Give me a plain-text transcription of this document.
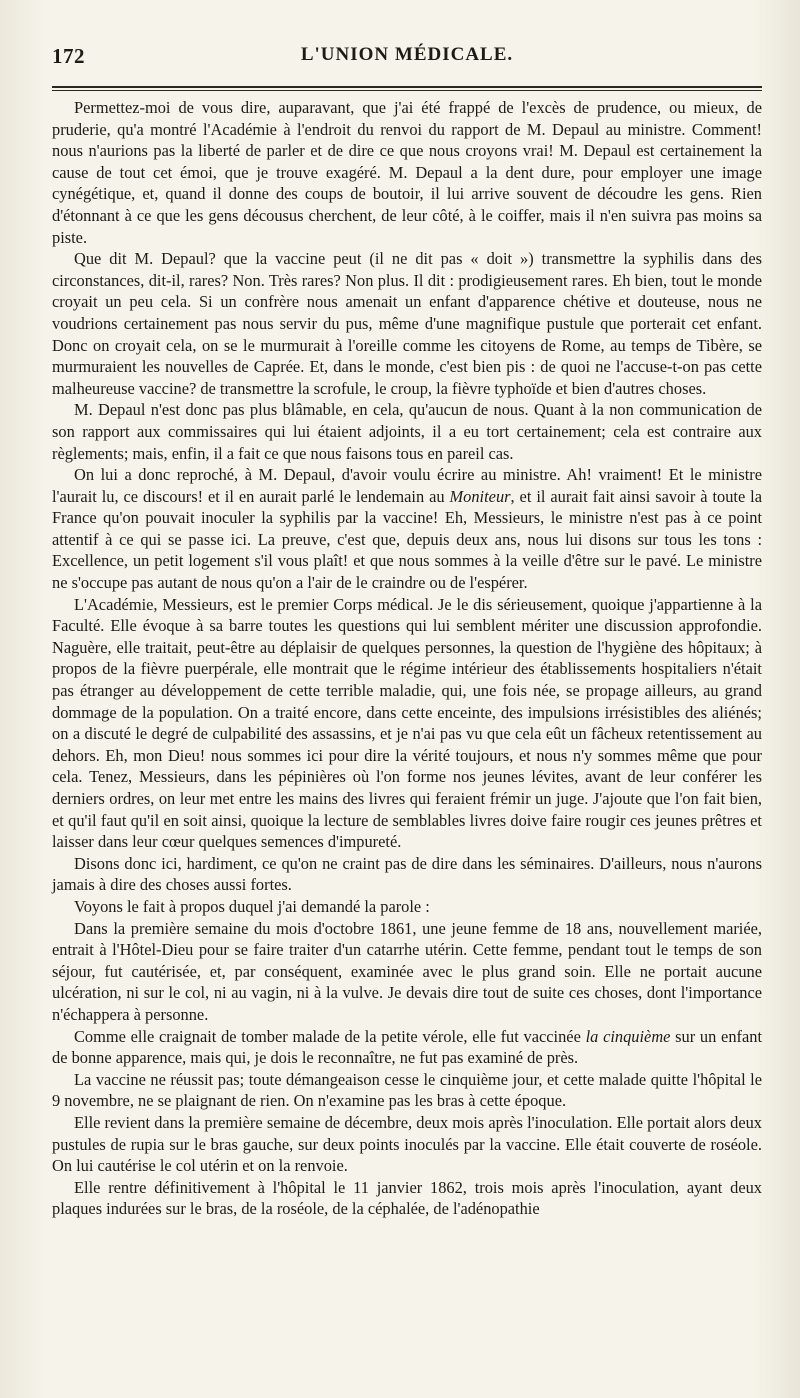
172	L'UNION MÉDICALE.

Permettez-moi de vous dire, auparavant, que j'ai été frappé de l'excès de prudence, ou mieux, de pruderie, qu'a montré l'Académie à l'endroit du renvoi du rapport de M. Depaul au ministre. Comment! nous n'aurions pas la liberté de parler et de dire ce que nous croyons vrai! M. Depaul est certainement la cause de tout cet émoi, que je trouve exagéré. M. Depaul a la dent dure, pour employer une image cynégétique, et, quand il donne des coups de boutoir, il lui arrive souvent de découdre les gens. Rien d'étonnant à ce que les gens décousus cherchent, de leur côté, à le coiffer, mais il n'en suivra pas moins sa piste.

Que dit M. Depaul? que la vaccine peut (il ne dit pas « doit ») transmettre la syphilis dans des circonstances, dit-il, rares? Non. Très rares? Non plus. Il dit : prodigieusement rares. Eh bien, tout le monde croyait un peu cela. Si un confrère nous amenait un enfant d'apparence chétive et douteuse, nous ne voudrions certainement pas nous servir du pus, même d'une magnifique pustule que porterait cet enfant. Donc on croyait cela, on se le murmurait à l'oreille comme les citoyens de Rome, au temps de Tibère, se murmuraient les nouvelles de Caprée. Et, dans le monde, c'est bien pis : de quoi ne l'accuse-t-on pas cette malheureuse vaccine? de transmettre la scrofule, le croup, la fièvre typhoïde et bien d'autres choses.

M. Depaul n'est donc pas plus blâmable, en cela, qu'aucun de nous. Quant à la non communication de son rapport aux commissaires qui lui étaient adjoints, il a eu tort certainement; cela est contraire aux règlements; mais, enfin, il a fait ce que nous faisons tous en pareil cas.

On lui a donc reproché, à M. Depaul, d'avoir voulu écrire au ministre. Ah! vraiment! Et le ministre l'aurait lu, ce discours! et il en aurait parlé le lendemain au Moniteur, et il aurait fait ainsi savoir à toute la France qu'on pouvait inoculer la syphilis par la vaccine! Eh, Messieurs, le ministre n'est pas à ce point attentif à ce qui se passe ici. La preuve, c'est que, depuis deux ans, nous lui disons sur tous les tons : Excellence, un petit logement s'il vous plaît! et que nous sommes à la veille d'être sur le pavé. Le ministre ne s'occupe pas autant de nous qu'on a l'air de le craindre ou de l'espérer.

L'Académie, Messieurs, est le premier Corps médical. Je le dis sérieusement, quoique j'appartienne à la Faculté. Elle évoque à sa barre toutes les questions qui lui semblent mériter une discussion approfondie. Naguère, elle traitait, peut-être au déplaisir de quelques personnes, la question de l'hygiène des hôpitaux; à propos de la fièvre puerpérale, elle montrait que le régime intérieur des établissements hospitaliers n'était pas étranger au développement de cette terrible maladie, qui, une fois née, se propage ailleurs, au grand dommage de la population. On a traité encore, dans cette enceinte, des impulsions irrésistibles des aliénés; on a discuté le degré de culpabilité des assassins, et je n'ai pas vu que cela eût un fâcheux retentissement au dehors. Eh, mon Dieu! nous sommes ici pour dire la vérité toujours, et nous n'y sommes même que pour cela. Tenez, Messieurs, dans les pépinières où l'on forme nos jeunes lévites, avant de leur conférer les derniers ordres, on leur met entre les mains des livres qui feraient frémir un juge. J'ajoute que l'on fait bien, et qu'il faut qu'il en soit ainsi, quoique la lecture de semblables livres doive faire rougir ces jeunes prêtres et laisser dans leur cœur quelques semences d'impureté.

Disons donc ici, hardiment, ce qu'on ne craint pas de dire dans les séminaires. D'ailleurs, nous n'aurons jamais à dire des choses aussi fortes.

Voyons le fait à propos duquel j'ai demandé la parole :

Dans la première semaine du mois d'octobre 1861, une jeune femme de 18 ans, nouvellement mariée, entrait à l'Hôtel-Dieu pour se faire traiter d'un catarrhe utérin. Cette femme, pendant tout le temps de son séjour, fut cautérisée, et, par conséquent, examinée avec le plus grand soin. Elle ne portait aucune ulcération, ni sur le col, ni au vagin, ni à la vulve. Je devais dire tout de suite ces choses, dont l'importance n'échappera à personne.

Comme elle craignait de tomber malade de la petite vérole, elle fut vaccinée la cinquième sur un enfant de bonne apparence, mais qui, je dois le reconnaître, ne fut pas examiné de près.

La vaccine ne réussit pas; toute démangeaison cesse le cinquième jour, et cette malade quitte l'hôpital le 9 novembre, ne se plaignant de rien. On n'examine pas les bras à cette époque.

Elle revient dans la première semaine de décembre, deux mois après l'inoculation. Elle portait alors deux pustules de rupia sur le bras gauche, sur deux points inoculés par la vaccine. Elle était couverte de roséole. On lui cautérise le col utérin et on la renvoie.

Elle rentre définitivement à l'hôpital le 11 janvier 1862, trois mois après l'inoculation, ayant deux plaques indurées sur le bras, de la roséole, de la céphalée, de l'adénopathie
